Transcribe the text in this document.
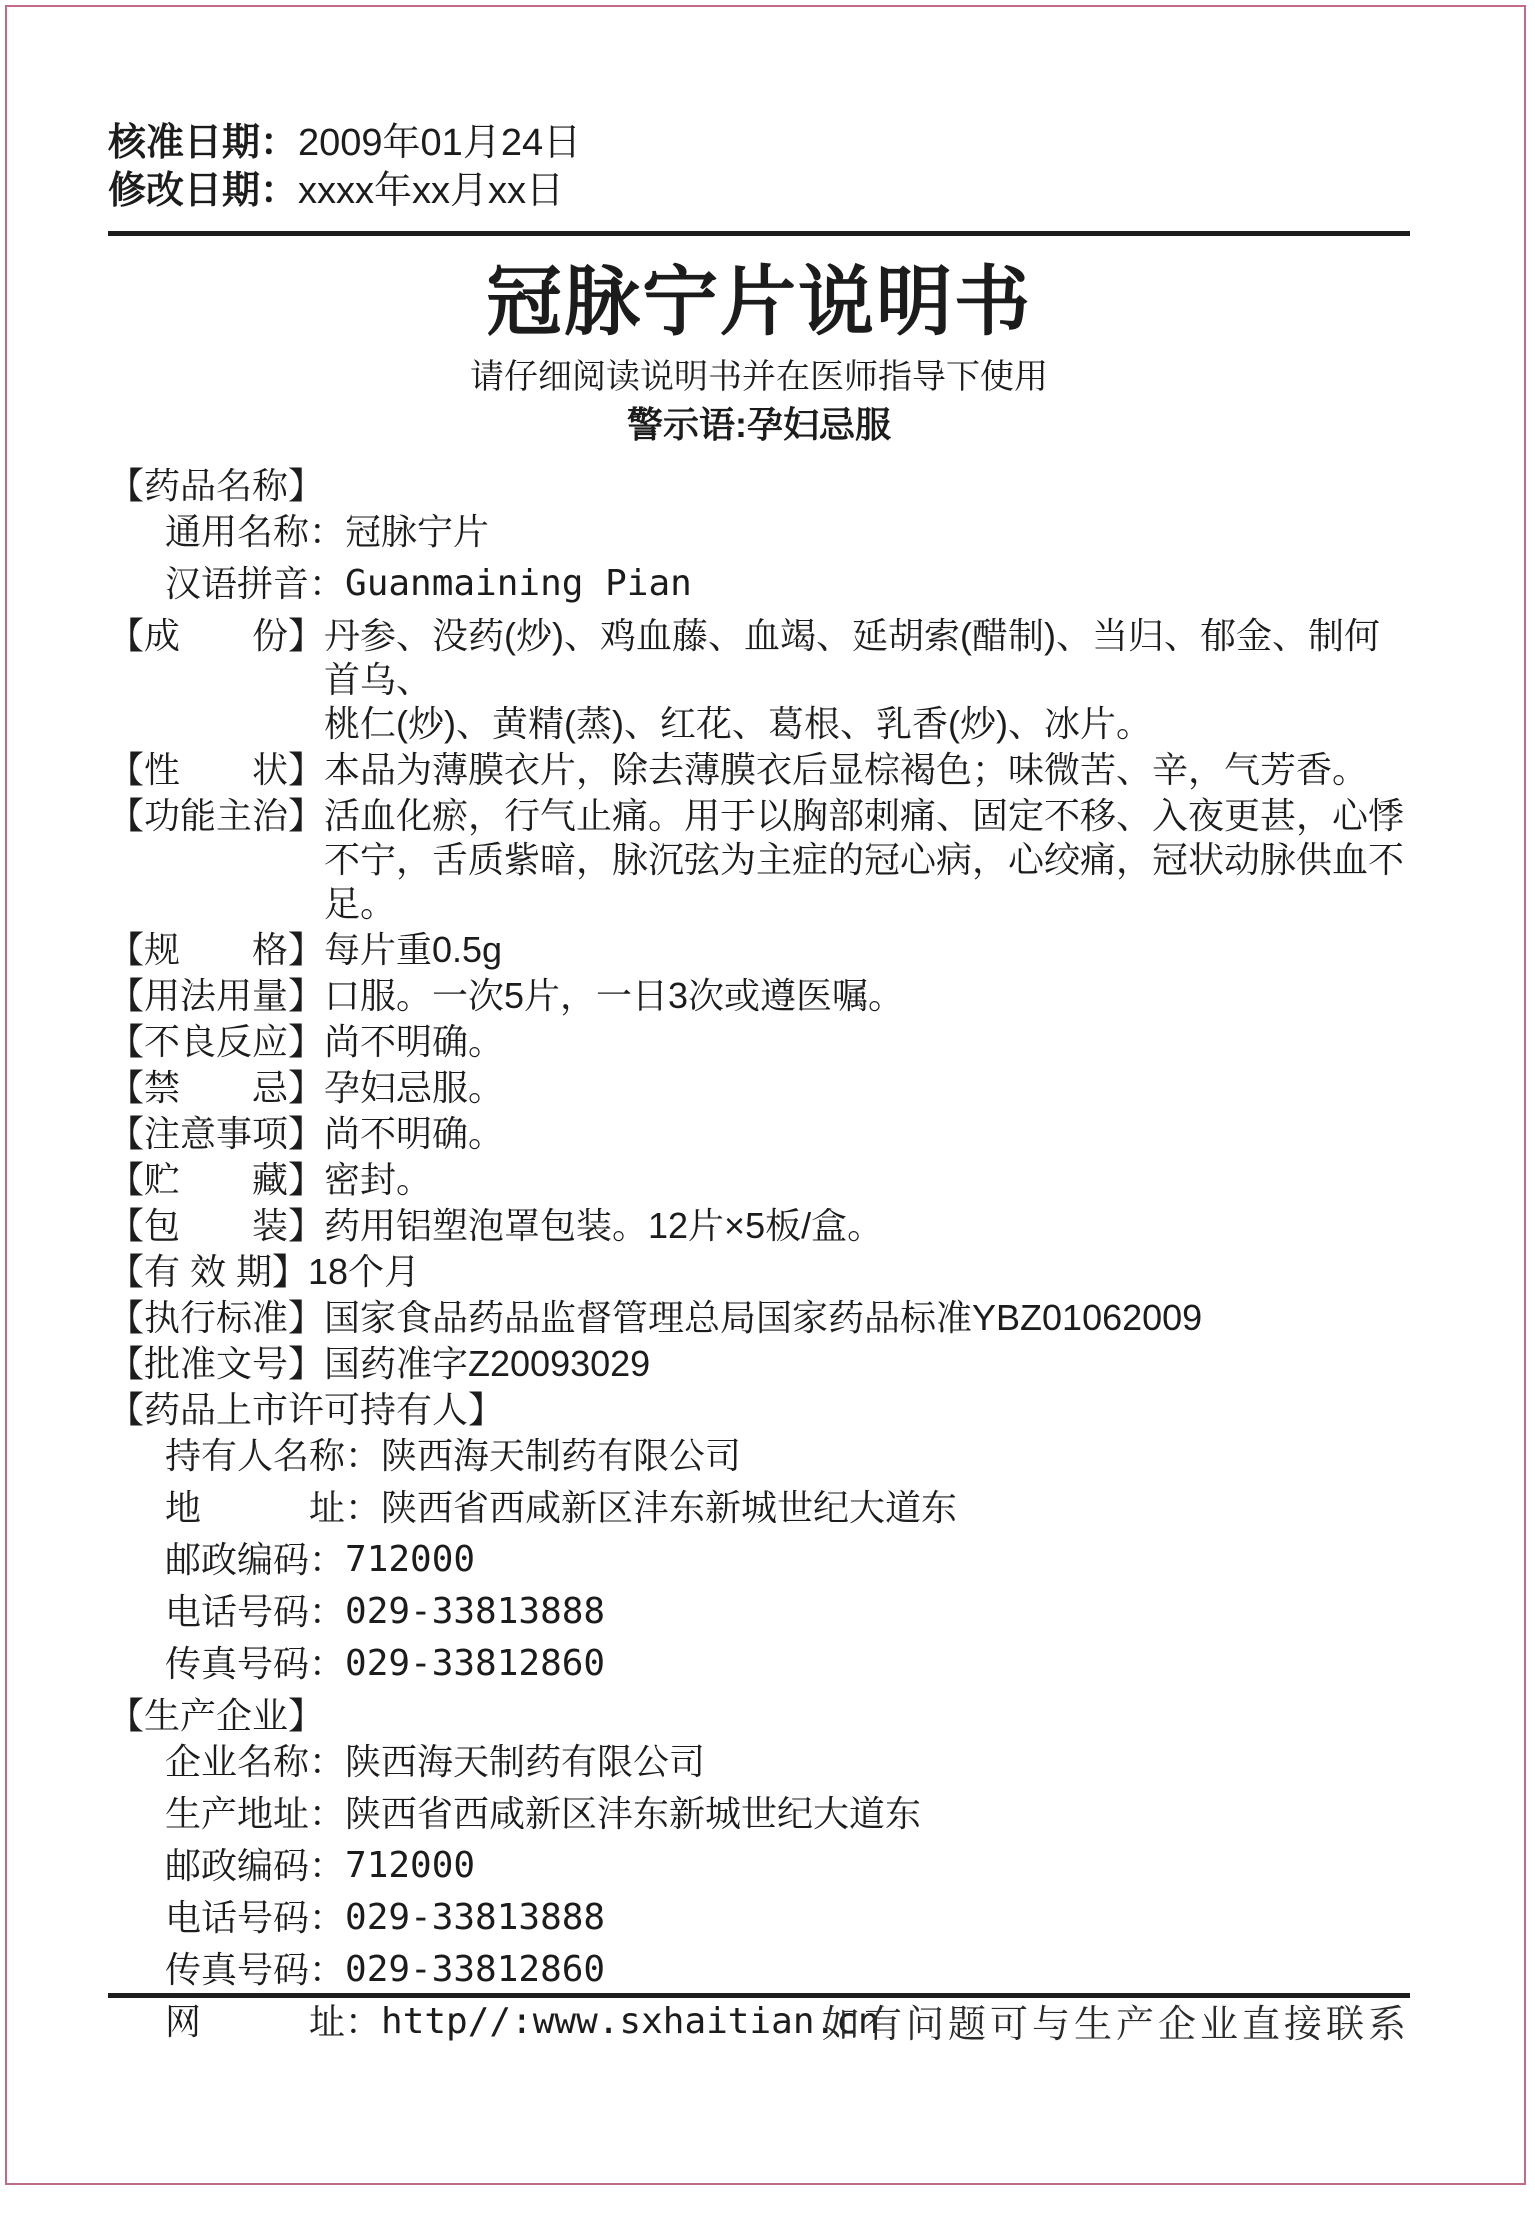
核准日期：2009年01月24日
修改日期：xxxx年xx月xx日
冠脉宁片说明书
请仔细阅读说明书并在医师指导下使用
警示语:孕妇忌服
【药品名称】
通用名称： 冠脉宁片
汉语拼音： Guanmaining Pian
【成　　份】 丹参、没药(炒)、鸡血藤、血竭、延胡索(醋制)、当归、郁金、制何首乌、
桃仁(炒)、黄精(蒸)、红花、葛根、乳香(炒)、冰片。
【性　　状】 本品为薄膜衣片，除去薄膜衣后显棕褐色；味微苦、辛，气芳香。
【功能主治】 活血化瘀，行气止痛。用于以胸部刺痛、固定不移、入夜更甚，心悸
不宁，舌质紫暗，脉沉弦为主症的冠心病，心绞痛，冠状动脉供血不足。
【规　　格】 每片重0.5g
【用法用量】 口服。一次5片，一日3次或遵医嘱。
【不良反应】 尚不明确。
【禁　　忌】 孕妇忌服。
【注意事项】 尚不明确。
【贮　　藏】 密封。
【包　　装】 药用铝塑泡罩包装。12片×5板/盒。
【有 效 期】 18个月
【执行标准】 国家食品药品监督管理总局国家药品标准YBZ01062009
【批准文号】 国药准字Z20093029
【药品上市许可持有人】
持有人名称： 陕西海天制药有限公司
地　　　址： 陕西省西咸新区沣东新城世纪大道东
邮政编码： 712000
电话号码： 029-33813888
传真号码： 029-33812860
【生产企业】
企业名称： 陕西海天制药有限公司
生产地址： 陕西省西咸新区沣东新城世纪大道东
邮政编码： 712000
电话号码： 029-33813888
传真号码： 029-33812860
网　　　址： http//:www.sxhaitian.cn
如有问题可与生产企业直接联系
